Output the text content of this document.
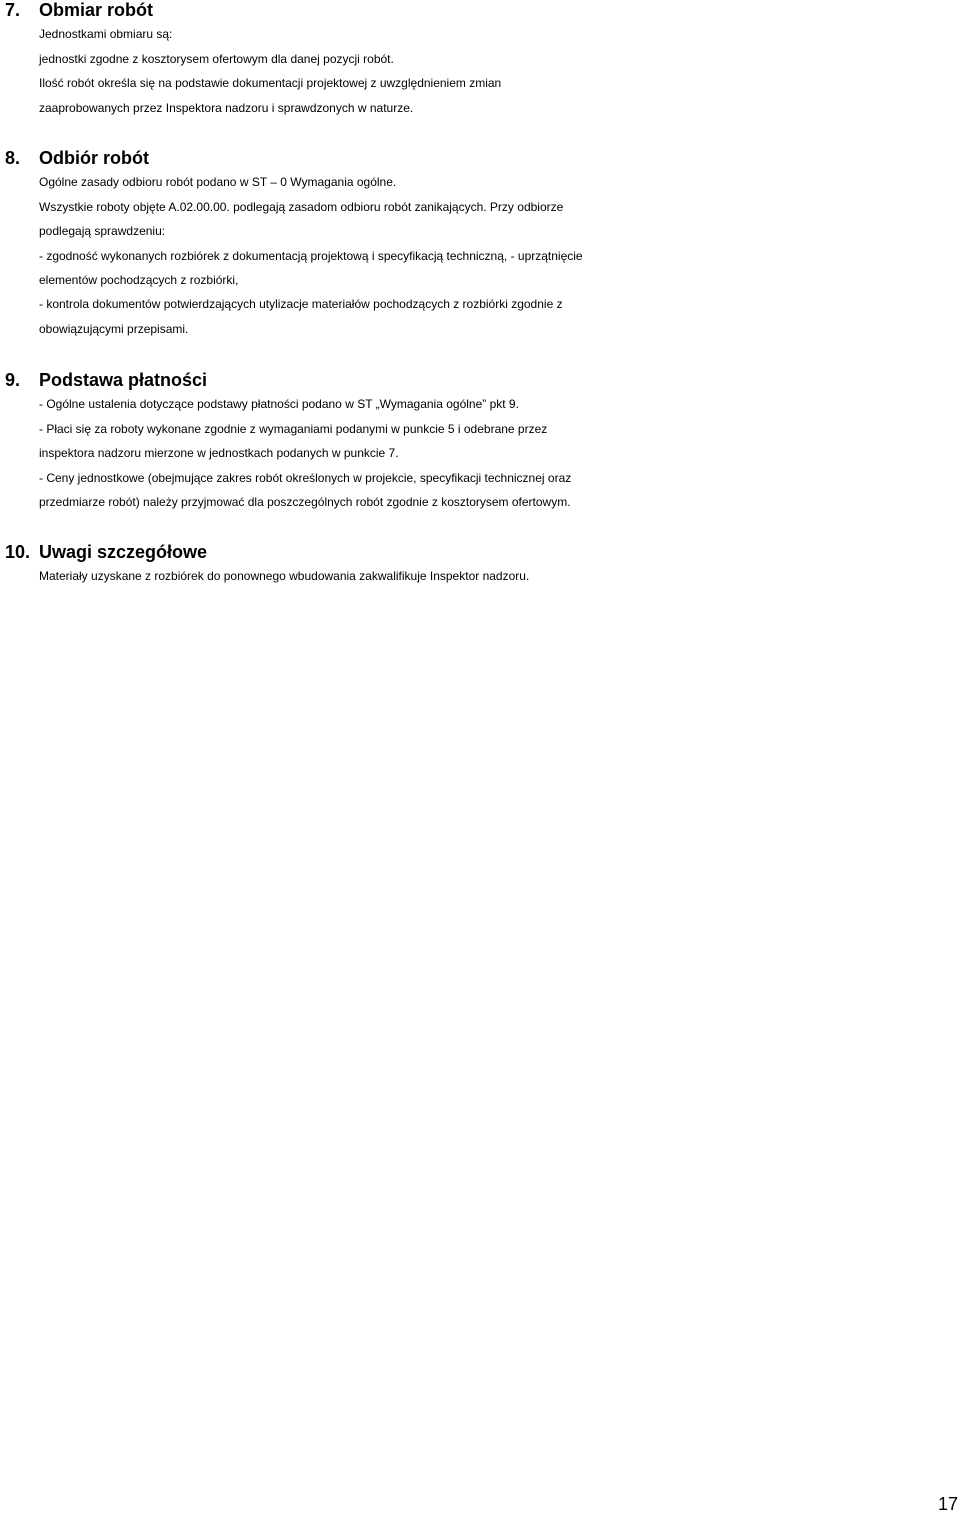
7. Obmiar robót
Jednostkami obmiaru są:
jednostki zgodne z kosztorysem ofertowym dla danej pozycji robót.
Ilość robót określa się na podstawie dokumentacji projektowej z uwzględnieniem zmian
zaaprobowanych przez Inspektora nadzoru i sprawdzonych w naturze.
8. Odbiór robót
Ogólne zasady odbioru robót podano w ST – 0 Wymagania ogólne.
Wszystkie roboty objęte A.02.00.00. podlegają zasadom odbioru robót zanikających. Przy odbiorze
podlegają sprawdzeniu:
- zgodność wykonanych rozbiórek z dokumentacją projektową i specyfikacją techniczną, - uprzątnięcie
elementów pochodzących z rozbiórki,
- kontrola dokumentów potwierdzających utylizacje materiałów pochodzących z rozbiórki zgodnie z
obowiązującymi przepisami.
9. Podstawa płatności
- Ogólne ustalenia dotyczące podstawy płatności podano w ST „Wymagania ogólne” pkt 9.
- Płaci się za roboty wykonane zgodnie z wymaganiami podanymi w punkcie 5 i odebrane przez
inspektora nadzoru mierzone w jednostkach podanych w punkcie 7.
- Ceny jednostkowe (obejmujące zakres robót określonych w projekcie, specyfikacji technicznej oraz
przedmiarze robót) należy przyjmować dla poszczególnych robót zgodnie z kosztorysem ofertowym.
10. Uwagi szczegółowe
Materiały uzyskane z rozbiórek do ponownego wbudowania zakwalifikuje Inspektor nadzoru.
17
